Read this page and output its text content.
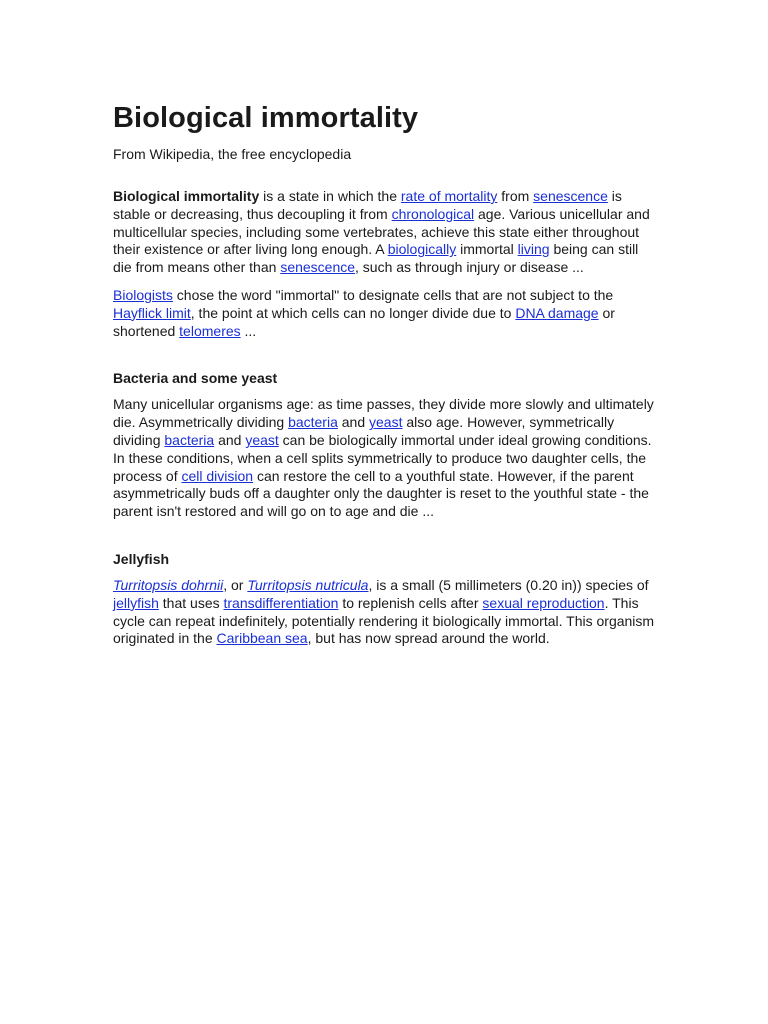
Biological immortality
From Wikipedia, the free encyclopedia

Biological immortality is a state in which the rate of mortality from senescence is stable or decreasing, thus decoupling it from chronological age. Various unicellular and multicellular species, including some vertebrates, achieve this state either throughout their existence or after living long enough. A biologically immortal living being can still die from means other than senescence, such as through injury or disease ...

Biologists chose the word "immortal" to designate cells that are not subject to the Hayflick limit, the point at which cells can no longer divide due to DNA damage or shortened telomeres ...

Bacteria and some yeast

Many unicellular organisms age: as time passes, they divide more slowly and ultimately die. Asymmetrically dividing bacteria and yeast also age. However, symmetrically dividing bacteria and yeast can be biologically immortal under ideal growing conditions. In these conditions, when a cell splits symmetrically to produce two daughter cells, the process of cell division can restore the cell to a youthful state. However, if the parent asymmetrically buds off a daughter only the daughter is reset to the youthful state - the parent isn't restored and will go on to age and die ...

Jellyfish

Turritopsis dohrnii, or Turritopsis nutricula, is a small (5 millimeters (0.20 in)) species of jellyfish that uses transdifferentiation to replenish cells after sexual reproduction. This cycle can repeat indefinitely, potentially rendering it biologically immortal. This organism originated in the Caribbean sea, but has now spread around the world.
